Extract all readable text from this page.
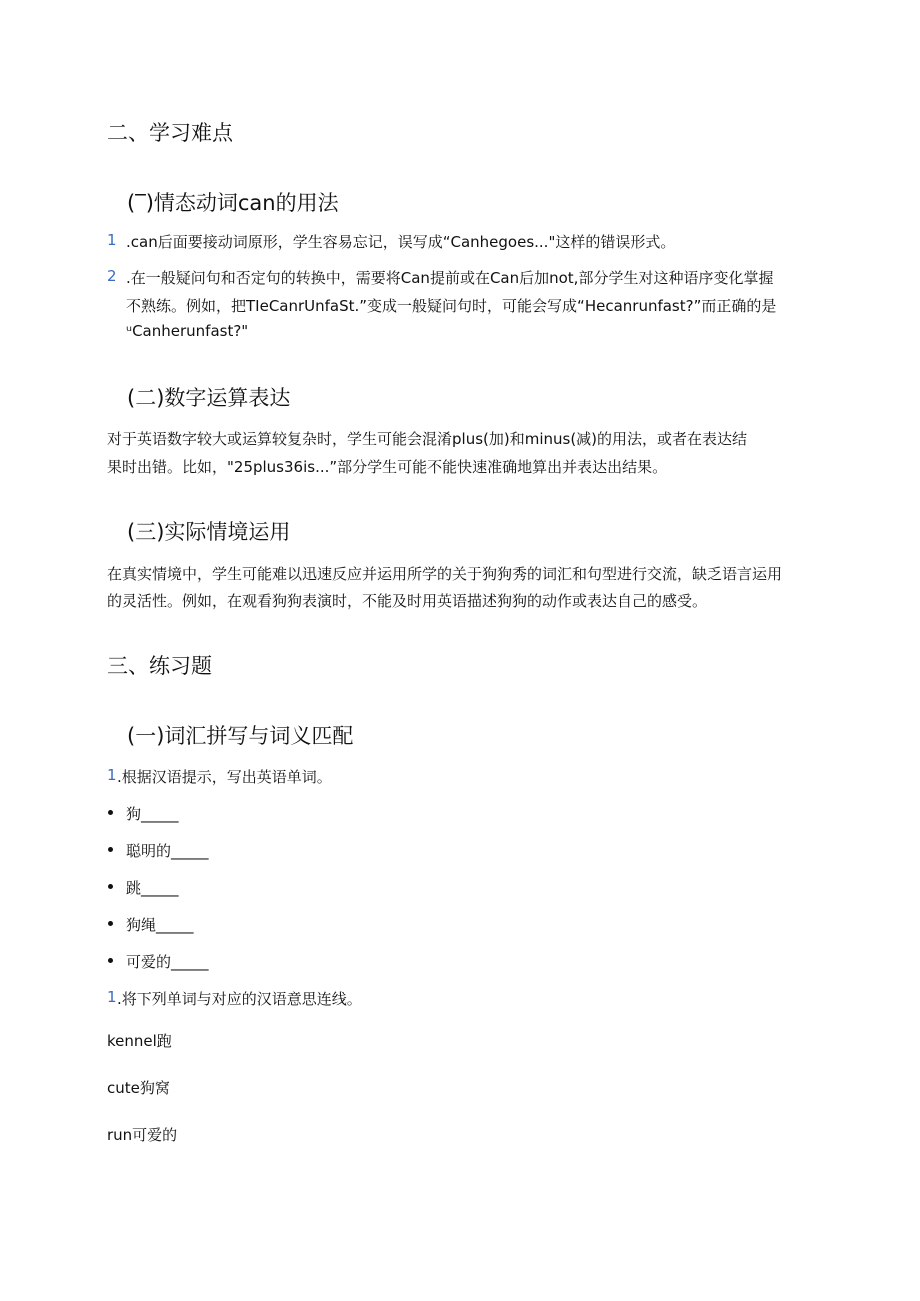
二、学习难点
(‾)情态动词can的用法
1 .can后面要接动词原形，学生容易忘记，误写成“Canhegoes..."这样的错误形式。
2 .在一般疑问句和否定句的转换中，需要将Can提前或在Can后加not,部分学生对这种语序变化掌握
不熟练。例如，把TIeCanrUnfaSt.”变成一般疑问句时，可能会写成“Hecanrunfast?”而正确的是
ᵘCanherunfast?"
(二)数字运算表达
对于英语数字较大或运算较复杂时，学生可能会混淆plus(加)和minus(减)的用法，或者在表达结
果时出错。比如，"25plus36is...”部分学生可能不能快速准确地算出并表达出结果。
(三)实际情境运用
在真实情境中，学生可能难以迅速反应并运用所学的关于狗狗秀的词汇和句型进行交流，缺乏语言运用
的灵活性。例如，在观看狗狗表演时，不能及时用英语描述狗狗的动作或表达自己的感受。
三、练习题
(一)词汇拼写与词义匹配
1 .根据汉语提示，写出英语单词。
狗_____
聪明的_____
跳_____
狗绳_____
可爱的_____
1 .将下列单词与对应的汉语意思连线。
kennel跑
cute狗窝
run可爱的
